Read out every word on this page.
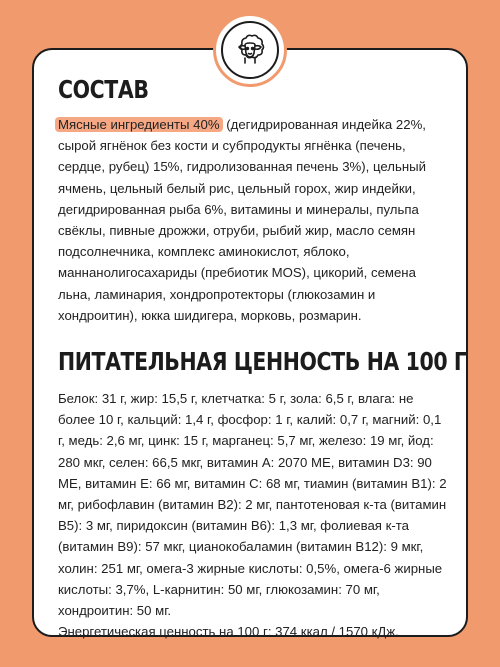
СОСТАВ

Мясные ингредиенты 40% (дегидрированная индейка 22%, сырой ягнёнок без кости и субпродукты ягнёнка (печень, сердце, рубец) 15%, гидролизованная печень 3%), цельный ячмень, цельный белый рис, цельный горох, жир индейки, дегидрированная рыба 6%, витамины и минералы, пульпа свёклы, пивные дрожжи, отруби, рыбий жир, масло семян подсолнечника, комплекс аминокислот, яблоко, маннанолигосахариды (пребиотик MOS), цикорий, семена льна, ламинария, хондропротекторы (глюкозамин и хондроитин), юкка шидигера, морковь, розмарин.

ПИТАТЕЛЬНАЯ ЦЕННОСТЬ НА 100 Г

Белок: 31 г, жир: 15,5 г, клетчатка: 5 г, зола: 6,5 г, влага: не более 10 г, кальций: 1,4 г, фосфор: 1 г, калий: 0,7 г, магний: 0,1 г, медь: 2,6 мг, цинк: 15 г, марганец: 5,7 мг, железо: 19 мг, йод: 280 мкг, селен: 66,5 мкг, витамин А: 2070 МЕ, витамин D3: 90 МЕ, витамин Е: 66 мг, витамин С: 68 мг, тиамин (витамин В1): 2 мг, рибофлавин (витамин В2): 2 мг, пантотеновая к-та (витамин В5): 3 мг, пиридоксин (витамин В6): 1,3 мг, фолиевая к-та (витамин В9): 57 мкг, цианокобаламин (витамин В12): 9 мкг, холин: 251 мг, омега-3 жирные кислоты: 0,5%, омега-6 жирные кислоты: 3,7%, L-карнитин: 50 мг, глюкозамин: 70 мг, хондроитин: 50 мг.
Энергетическая ценность на 100 г: 374 ккал / 1570 кДж.
